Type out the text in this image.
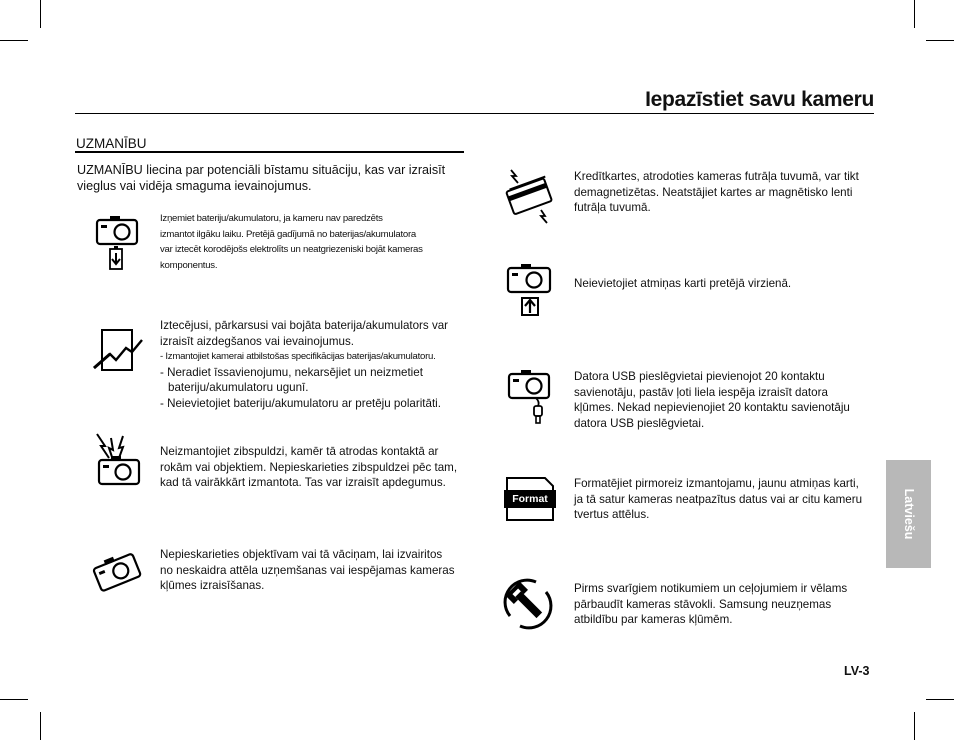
Iepazīstiet savu kameru
UZMANĪBU
UZMANĪBU liecina par potenciāli bīstamu situāciju, kas var izraisīt
vieglus vai vidēja smaguma ievainojumus.
Izņemiet bateriju/akumulatoru, ja kameru nav paredzēts
izmantot ilgāku laiku. Pretējā gadījumā no baterijas/akumulatora
var iztecēt korodējošs elektrolīts un neatgriezeniski bojāt kameras
komponentus.
Iztecējusi, pārkarsusi vai bojāta baterija/akumulators var
izraisīt aizdegšanos vai ievainojumus.
- Izmantojiet kamerai atbilstošas specifikācijas baterijas/akumulatoru.
- Neradiet īssavienojumu, nekarsējiet un neizmetiet
bateriju/akumulatoru ugunī.
- Neievietojiet bateriju/akumulatoru ar pretēju polaritāti.
Neizmantojiet zibspuldzi, kamēr tā atrodas kontaktā ar
rokām vai objektiem. Nepieskarieties zibspuldzei pēc tam,
kad tā vairākkārt izmantota. Tas var izraisīt apdegumus.
Nepieskarieties objektīvam vai tā vāciņam, lai izvairitos
no neskaidra attēla uzņemšanas vai iespējamas kameras
kļūmes izraisīšanas.
Kredītkartes, atrodoties kameras futrāļa tuvumā, var tikt
demagnetizētas. Neatstājiet kartes ar magnētisko lenti
futrāļa tuvumā.
Neievietojiet atmiņas karti pretējā virzienā.
Datora USB pieslēgvietai pievienojot 20 kontaktu
savienotāju, pastāv ļoti liela iespēja izraisīt datora
kļūmes. Nekad nepievienojiet 20 kontaktu savienotāju
datora USB pieslēgvietai.
Format
Formatējiet pirmoreiz izmantojamu, jaunu atmiņas karti,
ja tā satur kameras neatpazītus datus vai ar citu kameru
tvertus attēlus.
Pirms svarīgiem notikumiem un ceļojumiem ir vēlams
pārbaudīt kameras stāvokli. Samsung neuzņemas
atbildību par kameras kļūmēm.
Latviešu
LV-3
